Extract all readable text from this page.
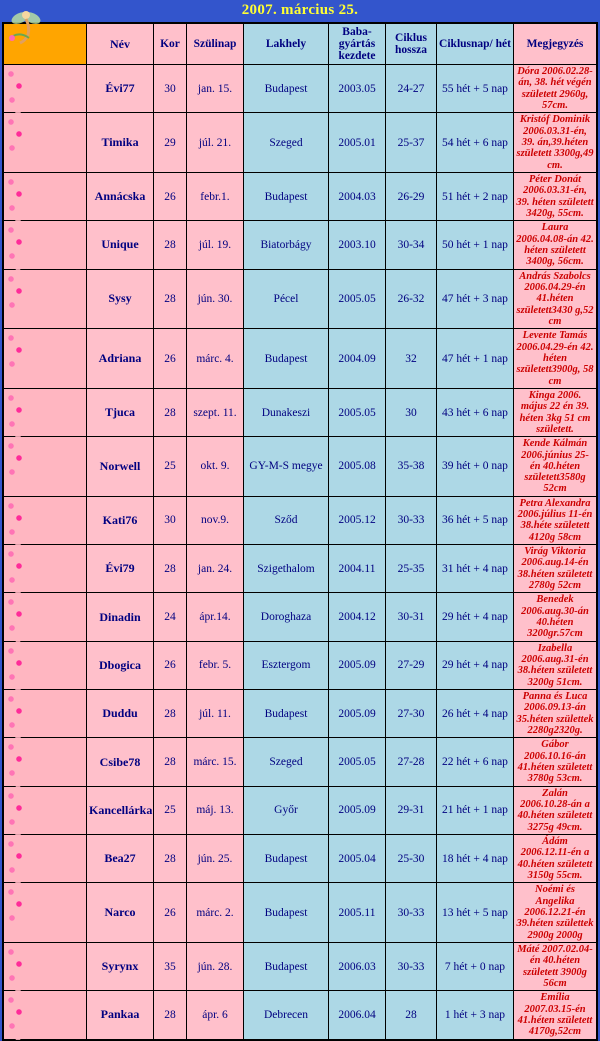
2007. március 25.
	Név	Kor	Szülinap	Lakhely	Baba-gyártás kezdete	Ciklus hossza	Ciklusnap/ hét	Megjegyzés

	Évi77	30	jan. 15.	Budapest	2003.05	24-27	55 hét + 5 nap	Dóra 2006.02.28-án, 38. hét végén született 2960g, 57cm.

	Timika	29	júl. 21.	Szeged	2005.01	25-37	54 hét + 6 nap	Kristóf Dominik 2006.03.31-én, 39. án,39.héten született 3300g,49 cm.

	Annácska	26	febr.1.	Budapest	2004.03	26-29	51 hét + 2 nap	Péter Donát 2006.03.31-én, 39. héten született 3420g, 55cm.

	Unique	28	júl. 19.	Biatorbágy	2003.10	30-34	50 hét + 1 nap	Laura 2006.04.08-án 42. héten született 3400g, 56cm.

	Sysy	28	jún. 30.	Pécel	2005.05	26-32	47 hét + 3 nap	András Szabolcs 2006.04.29-én 41.héten született3430 g,52 cm

	Adriana	26	márc. 4.	Budapest	2004.09	32	47 hét + 1 nap	Levente Tamás 2006.04.29-én 42. héten született3900g, 58 cm

	Tjuca	28	szept. 11.	Dunakeszi	2005.05	30	43 hét + 6 nap	Kinga 2006. május 22 én 39. héten 3kg 51 cm született.

	Norwell	25	okt. 9.	GY-M-S megye	2005.08	35-38	39 hét + 0 nap	Kende Kálmán 2006.június 25-én 40.héten született3580g 52cm

	Kati76	30	nov.9.	Sződ	2005.12	30-33	36 hét + 5 nap	Petra Alexandra 2006.július 11-én 38.héte született 4120g 58cm

	Évi79	28	jan. 24.	Szigethalom	2004.11	25-35	31 hét + 4 nap	Virág Viktoria 2006.aug.14-én 38.héten született 2780g 52cm

	Dinadin	24	ápr.14.	Doroghaza	2004.12	30-31	29 hét + 4 nap	Benedek 2006.aug.30-án 40.héten 3200gr.57cm

	Dbogica	26	febr. 5.	Esztergom	2005.09	27-29	29 hét + 4 nap	Izabella 2006.aug.31-én 38.héten született 3200g 51cm.

	Duddu	28	júl. 11.	Budapest	2005.09	27-30	26 hét + 4 nap	Panna és Luca 2006.09.13-án 35.héten születtek 2280g2320g.

	Csibe78	28	márc. 15.	Szeged	2005.05	27-28	22 hét + 6 nap	Gábor 2006.10.16-án 41.héten született 3780g 53cm.

	Kancellárka	25	máj. 13.	Győr	2005.09	29-31	21 hét + 1 nap	Zalán 2006.10.28-án a 40.héten született 3275g 49cm.

	Bea27	28	jún. 25.	Budapest	2005.04	25-30	18 hét + 4 nap	Ádám 2006.12.11-én a 40.héten született 3150g 55cm.

	Narco	26	márc. 2.	Budapest	2005.11	30-33	13 hét + 5 nap	Noémi és Angelika 2006.12.21-én 39.héten születtek 2900g 2000g

	Syrynx	35	jún. 28.	Budapest	2006.03	30-33	7 hét + 0 nap	Máté 2007.02.04-én 40.héten született 3900g 56cm

	Pankaa	28	ápr. 6	Debrecen	2006.04	28	1 hét + 3 nap	Emília 2007.03.15-én 41.héten született 4170g,52cm
